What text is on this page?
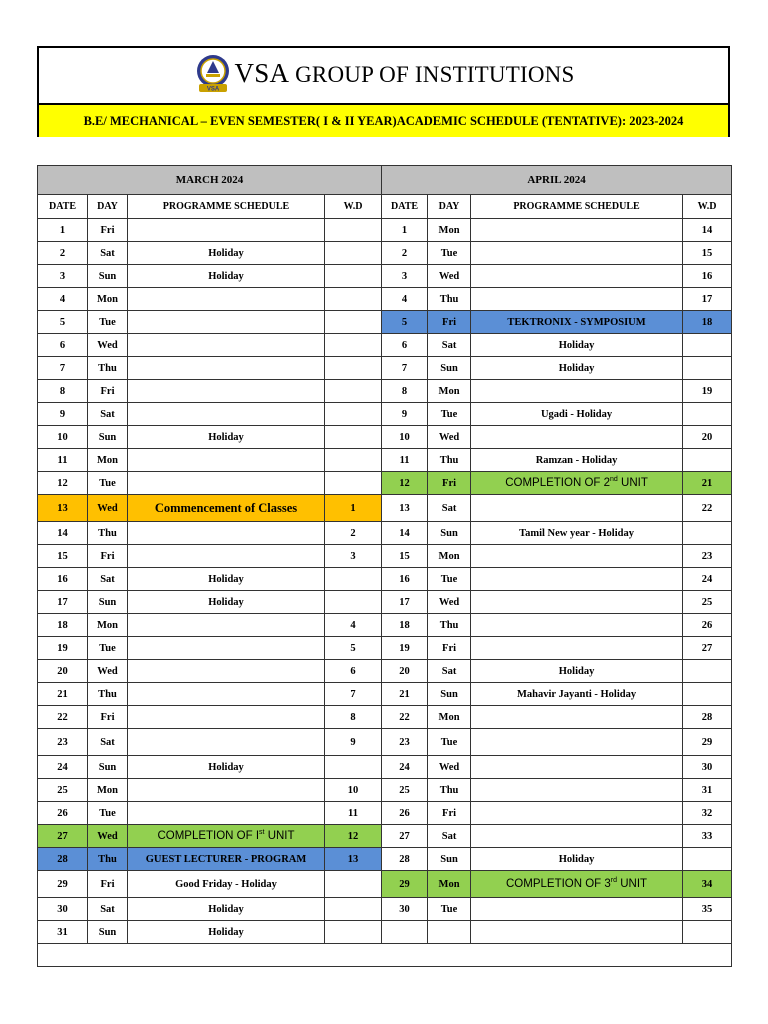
VSA
VSA GROUP OF INSTITUTIONS
B.E/ MECHANICAL – EVEN SEMESTER( I & II YEAR)ACADEMIC SCHEDULE (TENTATIVE): 2023-2024
MARCH 2024				APRIL 2024			
DATE	DAY	PROGRAMME SCHEDULE	W.D	DATE	DAY	PROGRAMME SCHEDULE	W.D
1	Fri			1	Mon		14
2	Sat	Holiday		2	Tue		15
3	Sun	Holiday		3	Wed		16
4	Mon			4	Thu		17
5	Tue			5	Fri	TEKTRONIX - SYMPOSIUM	18
6	Wed			6	Sat	Holiday	
7	Thu			7	Sun	Holiday	
8	Fri			8	Mon		19
9	Sat			9	Tue	Ugadi - Holiday	
10	Sun	Holiday		10	Wed		20
11	Mon			11	Thu	Ramzan - Holiday	
12	Tue			12	Fri	COMPLETION OF 2nd UNIT	21
13	Wed	Commencement of Classes	1	13	Sat		22
14	Thu		2	14	Sun	Tamil New year - Holiday	
15	Fri		3	15	Mon		23
16	Sat	Holiday		16	Tue		24
17	Sun	Holiday		17	Wed		25
18	Mon		4	18	Thu		26
19	Tue		5	19	Fri		27
20	Wed		6	20	Sat	Holiday	
21	Thu		7	21	Sun	Mahavir Jayanti - Holiday	
22	Fri		8	22	Mon		28
23	Sat		9	23	Tue		29
24	Sun	Holiday		24	Wed		30
25	Mon		10	25	Thu		31
26	Tue		11	26	Fri		32
27	Wed	COMPLETION OF Ist UNIT	12	27	Sat		33
28	Thu	GUEST LECTURER - PROGRAM	13	28	Sun	Holiday	
29	Fri	Good Friday - Holiday		29	Mon	COMPLETION OF 3rd UNIT	34
30	Sat	Holiday		30	Tue		35
31	Sun	Holiday					
